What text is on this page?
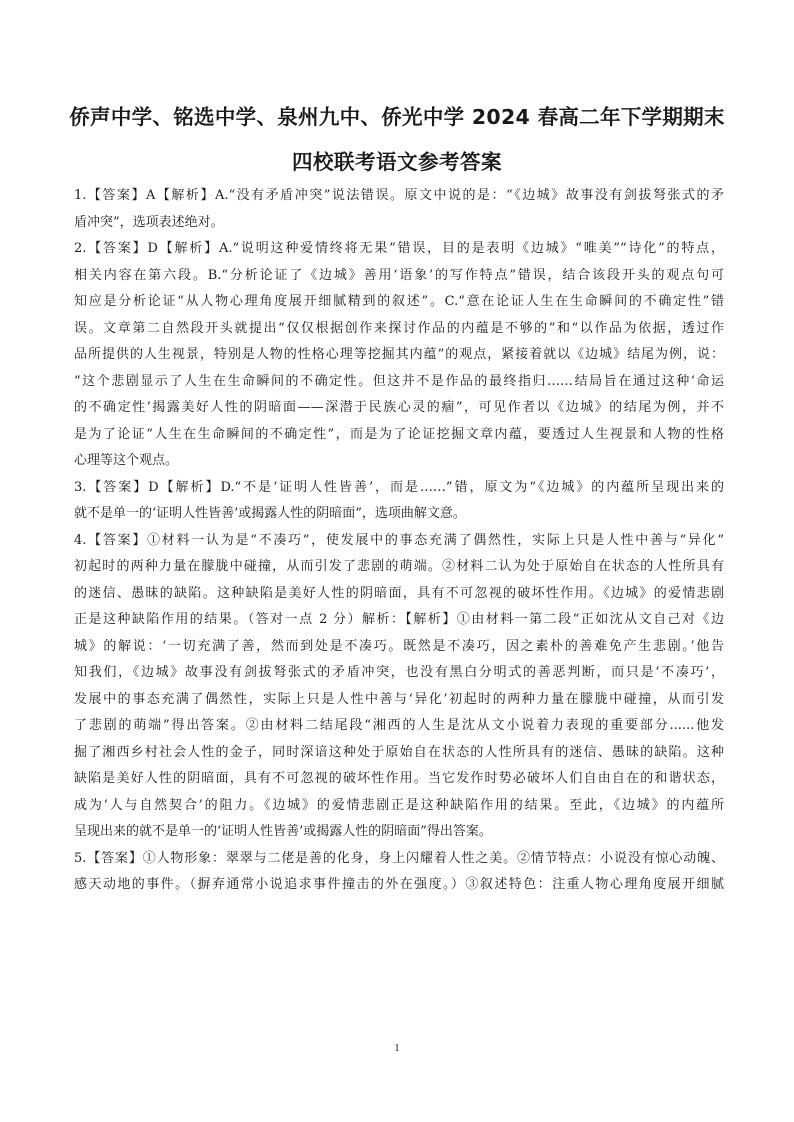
侨声中学、铭选中学、泉州九中、侨光中学 2024 春高二年下学期期末
四校联考语文参考答案
1.【答案】A【解析】A.“没有矛盾冲突”说法错误。原文中说的是：“《边城》故事没有剑拔弩张式的矛
盾冲突”，选项表述绝对。
2.【答案】D【解析】A.“说明这种爱情终将无果”错误，目的是表明《边城》“唯美”“诗化”的特点，
相关内容在第六段。B.“分析论证了《边城》善用‘语象’的写作特点”错误，结合该段开头的观点句可
知应是分析论证“从人物心理角度展开细腻精到的叙述”。C.“意在论证人生在生命瞬间的不确定性”错
误。文章第二自然段开头就提出“仅仅根据创作来探讨作品的内蕴是不够的”和“以作品为依据，透过作
品所提供的人生视景，特别是人物的性格心理等挖掘其内蕴”的观点，紧接着就以《边城》结尾为例，说：
“这个悲剧显示了人生在生命瞬间的不确定性。但这并不是作品的最终指归……结局旨在通过这种‘命运
的不确定性’揭露美好人性的阴暗面——深潜于民族心灵的痼”，可见作者以《边城》的结尾为例，并不
是为了论证“人生在生命瞬间的不确定性”，而是为了论证挖掘文章内蕴，要透过人生视景和人物的性格
心理等这个观点。
3.【答案】D【解析】D.“不是‘证明人性皆善’，而是……”错，原文为“《边城》的内蕴所呈现出来的
就不是单一的‘证明人性皆善’或揭露人性的阴暗面”，选项曲解文意。
4.【答案】①材料一认为是“不凑巧”，使发展中的事态充满了偶然性，实际上只是人性中善与“异化”
初起时的两种力量在朦胧中碰撞，从而引发了悲剧的萌端。②材料二认为处于原始自在状态的人性所具有
的迷信、愚昧的缺陷。这种缺陷是美好人性的阴暗面，具有不可忽视的破坏性作用。《边城》的爱情悲剧
正是这种缺陷作用的结果。（答对一点 2 分）解析：【解析】①由材料一第二段“正如沈从文自己对《边
城》的解说：‘一切充满了善，然而到处是不凑巧。既然是不凑巧，因之素朴的善难免产生悲剧。’他告
知我们，《边城》故事没有剑拔弩张式的矛盾冲突，也没有黑白分明式的善恶判断，而只是‘不凑巧’，
发展中的事态充满了偶然性，实际上只是人性中善与‘异化’初起时的两种力量在朦胧中碰撞，从而引发
了悲剧的萌端”得出答案。②由材料二结尾段“湘西的人生是沈从文小说着力表现的重要部分......他发
掘了湘西乡村社会人性的金子，同时深谙这种处于原始自在状态的人性所具有的迷信、愚昧的缺陷。这种
缺陷是美好人性的阴暗面，具有不可忽视的破坏性作用。当它发作时势必破坏人们自由自在的和谐状态，
成为‘人与自然契合’的阻力。《边城》的爱情悲剧正是这种缺陷作用的结果。至此，《边城》的内蕴所
呈现出来的就不是单一的‘证明人性皆善’或揭露人性的阴暗面”得出答案。
5.【答案】①人物形象：翠翠与二佬是善的化身，身上闪耀着人性之美。②情节特点：小说没有惊心动魄、
感天动地的事件。（摒弃通常小说追求事件撞击的外在强度。）③叙述特色：注重人物心理角度展开细腻
1
